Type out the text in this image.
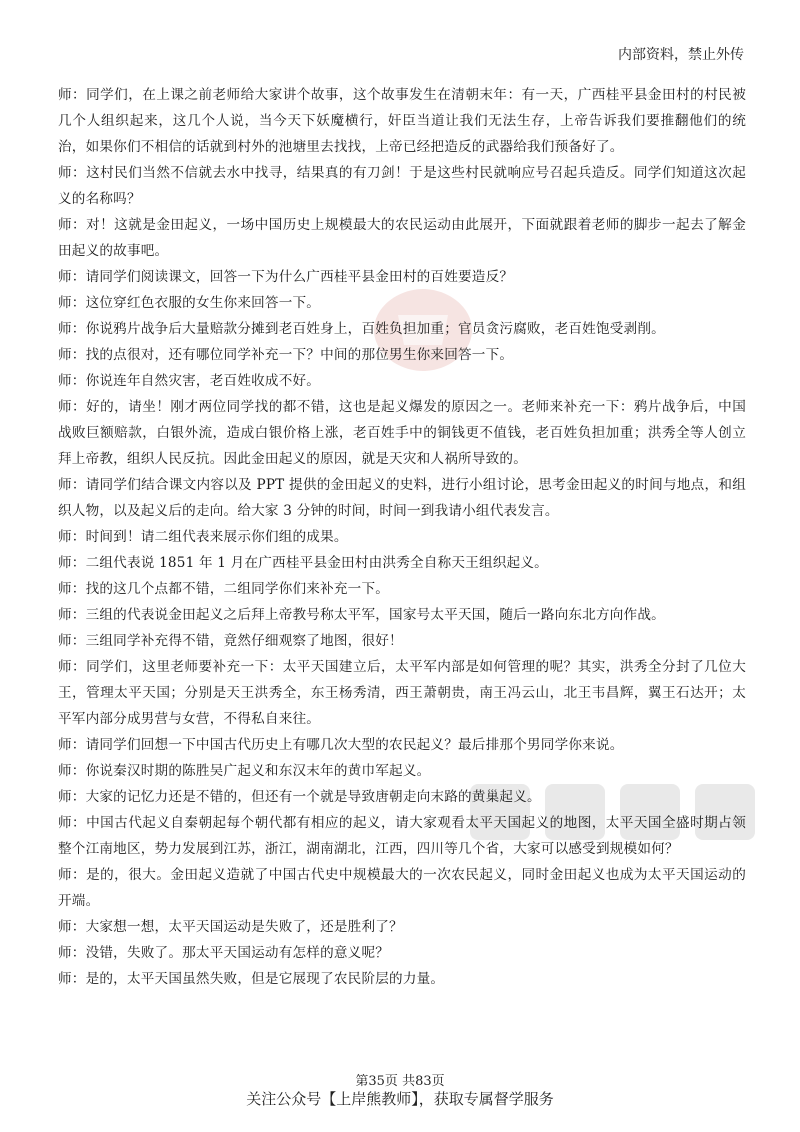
内部资料，禁止外传

师：同学们，在上课之前老师给大家讲个故事，这个故事发生在清朝末年：有一天，广西桂平县金田村的村民被几个人组织起来，这几个人说，当今天下妖魔横行，奸臣当道让我们无法生存，上帝告诉我们要推翻他们的统治，如果你们不相信的话就到村外的池塘里去找找，上帝已经把造反的武器给我们预备好了。

师：这村民们当然不信就去水中找寻，结果真的有刀剑！于是这些村民就响应号召起兵造反。同学们知道这次起义的名称吗？

师：对！这就是金田起义，一场中国历史上规模最大的农民运动由此展开，下面就跟着老师的脚步一起去了解金田起义的故事吧。

师：请同学们阅读课文，回答一下为什么广西桂平县金田村的百姓要造反？

师：这位穿红色衣服的女生你来回答一下。

师：你说鸦片战争后大量赔款分摊到老百姓身上，百姓负担加重；官员贪污腐败，老百姓饱受剥削。

师：找的点很对，还有哪位同学补充一下？中间的那位男生你来回答一下。

师：你说连年自然灾害，老百姓收成不好。

师：好的，请坐！刚才两位同学找的都不错，这也是起义爆发的原因之一。老师来补充一下：鸦片战争后，中国战败巨额赔款，白银外流，造成白银价格上涨，老百姓手中的铜钱更不值钱，老百姓负担加重；洪秀全等人创立拜上帝教，组织人民反抗。因此金田起义的原因，就是天灾和人祸所导致的。

师：请同学们结合课文内容以及 PPT 提供的金田起义的史料，进行小组讨论，思考金田起义的时间与地点，和组织人物，以及起义后的走向。给大家 3 分钟的时间，时间一到我请小组代表发言。

师：时间到！请二组代表来展示你们组的成果。

师：二组代表说 1851 年 1 月在广西桂平县金田村由洪秀全自称天王组织起义。

师：找的这几个点都不错，二组同学你们来补充一下。

师：三组的代表说金田起义之后拜上帝教号称太平军，国家号太平天国，随后一路向东北方向作战。

师：三组同学补充得不错，竟然仔细观察了地图，很好！

师：同学们，这里老师要补充一下：太平天国建立后，太平军内部是如何管理的呢？其实，洪秀全分封了几位大王，管理太平天国；分别是天王洪秀全，东王杨秀清，西王萧朝贵，南王冯云山，北王韦昌辉，翼王石达开；太平军内部分成男营与女营，不得私自来往。

师：请同学们回想一下中国古代历史上有哪几次大型的农民起义？最后排那个男同学你来说。

师：你说秦汉时期的陈胜吴广起义和东汉末年的黄巾军起义。

师：大家的记忆力还是不错的，但还有一个就是导致唐朝走向末路的黄巢起义。

师：中国古代起义自秦朝起每个朝代都有相应的起义，请大家观看太平天国起义的地图，太平天国全盛时期占领整个江南地区，势力发展到江苏，浙江，湖南湖北，江西，四川等几个省，大家可以感受到规模如何？

师：是的，很大。金田起义造就了中国古代史中规模最大的一次农民起义，同时金田起义也成为太平天国运动的开端。

师：大家想一想，太平天国运动是失败了，还是胜利了？

师：没错，失败了。那太平天国运动有怎样的意义呢？

师：是的，太平天国虽然失败，但是它展现了农民阶层的力量。

第35页 共83页
关注公众号【上岸熊教师】，获取专属督学服务
